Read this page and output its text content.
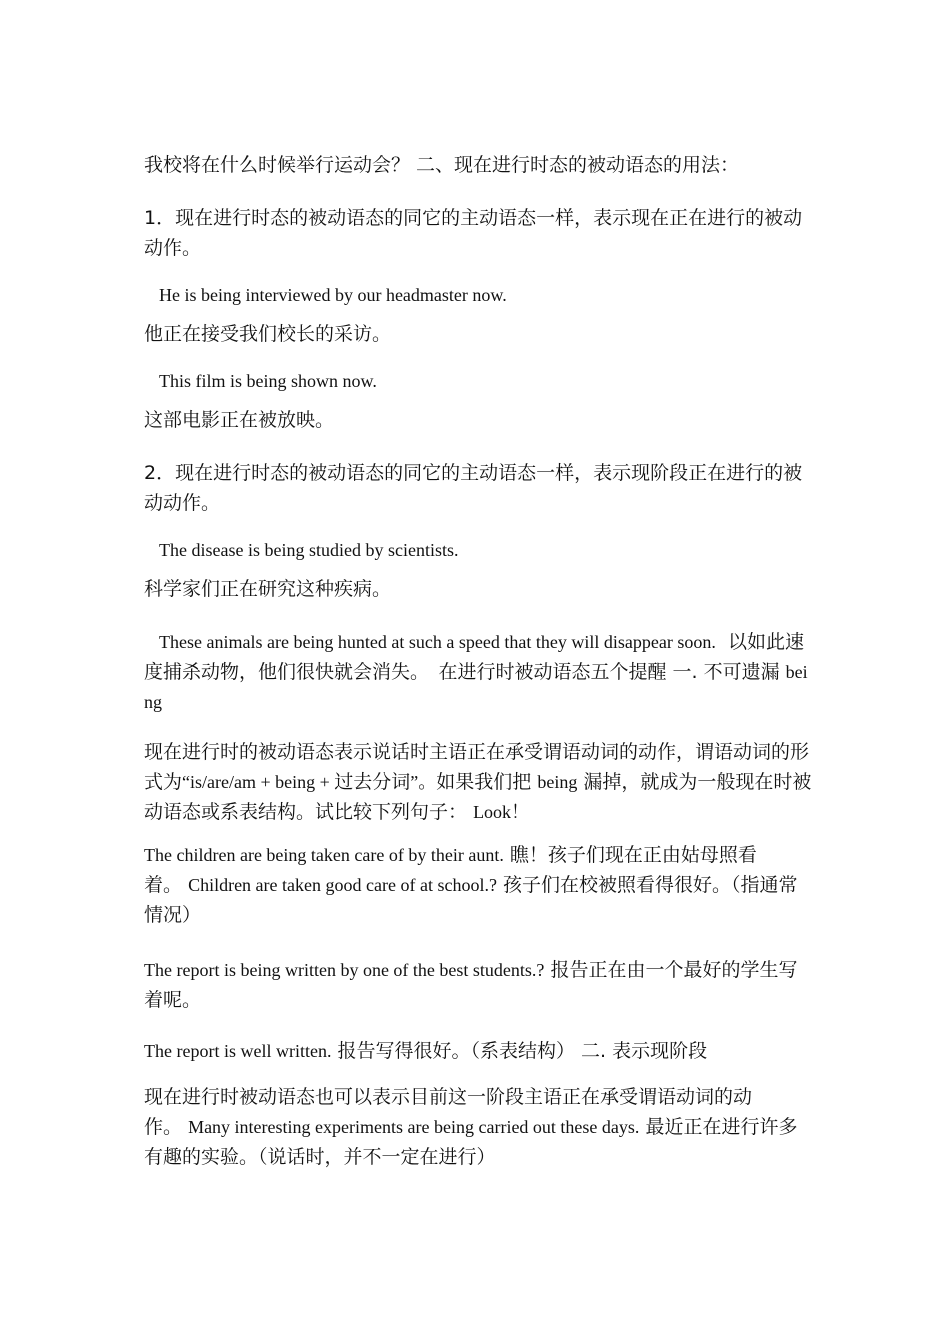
我校将在什么时候举行运动会？ 二、现在进行时态的被动语态的用法：

1．现在进行时态的被动语态的同它的主动语态一样，表示现在正在进行的被动动作。

He is being interviewed by our headmaster now.

他正在接受我们校长的采访。

This film is being shown now.

这部电影正在被放映。

2．现在进行时态的被动语态的同它的主动语态一样，表示现阶段正在进行的被动动作。

The disease is being studied by scientists.

科学家们正在研究这种疾病。

These animals are being hunted at such a speed that they will disappear soon. 以如此速度捕杀动物，他们很快就会消失。　在进行时被动语态五个提醒 一. 不可遗漏 being

现在进行时的被动语态表示说话时主语正在承受谓语动词的动作，谓语动词的形式为“is/are/am + being + 过去分词”。如果我们把 being 漏掉，就成为一般现在时被动语态或系表结构。试比较下列句子： Look！

The children are being taken care of by their aunt. 瞧！孩子们现在正由姑母照看着。 Children are taken good care of at school.? 孩子们在校被照看得很好。（指通常情况）

The report is being written by one of the best students.? 报告正在由一个最好的学生写着呢。

The report is well written. 报告写得很好。（系表结构） 二. 表示现阶段

现在进行时被动语态也可以表示目前这一阶段主语正在承受谓语动词的动作。 Many interesting experiments are being carried out these days. 最近正在进行许多有趣的实验。（说话时，并不一定在进行）
